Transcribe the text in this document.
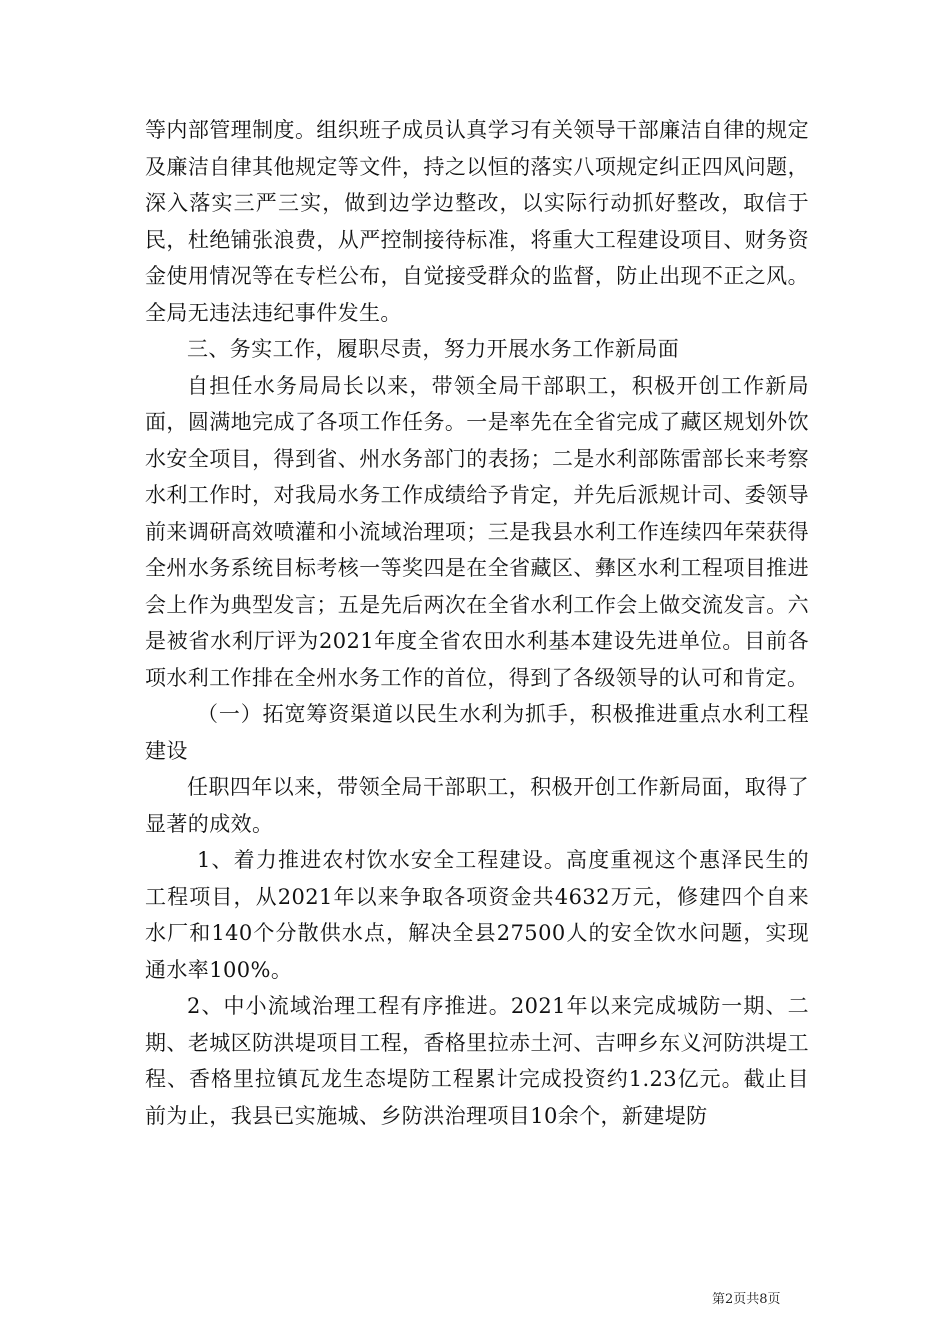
等内部管理制度。组织班子成员认真学习有关领导干部廉洁自律的规定及廉洁自律其他规定等文件，持之以恒的落实八项规定纠正四风问题，深入落实三严三实，做到边学边整改，以实际行动抓好整改，取信于民，杜绝铺张浪费，从严控制接待标准，将重大工程建设项目、财务资金使用情况等在专栏公布，自觉接受群众的监督，防止出现不正之风。全局无违法违纪事件发生。

三、务实工作，履职尽责，努力开展水务工作新局面

自担任水务局局长以来，带领全局干部职工，积极开创工作新局面，圆满地完成了各项工作任务。一是率先在全省完成了藏区规划外饮水安全项目，得到省、州水务部门的表扬；二是水利部陈雷部长来考察水利工作时，对我局水务工作成绩给予肯定，并先后派规计司、委领导前来调研高效喷灌和小流域治理项；三是我县水利工作连续四年荣获得全州水务系统目标考核一等奖四是在全省藏区、彝区水利工程项目推进会上作为典型发言；五是先后两次在全省水利工作会上做交流发言。六是被省水利厅评为2021年度全省农田水利基本建设先进单位。目前各项水利工作排在全州水务工作的首位，得到了各级领导的认可和肯定。

（一）拓宽筹资渠道以民生水利为抓手，积极推进重点水利工程建设

任职四年以来，带领全局干部职工，积极开创工作新局面，取得了显著的成效。

1、着力推进农村饮水安全工程建设。高度重视这个惠泽民生的工程项目，从2021年以来争取各项资金共4632万元，修建四个自来水厂和140个分散供水点，解决全县27500人的安全饮水问题，实现通水率100%。

2、中小流域治理工程有序推进。2021年以来完成城防一期、二期、老城区防洪堤项目工程，香格里拉赤土河、吉呷乡东义河防洪堤工程、香格里拉镇瓦龙生态堤防工程累计完成投资约1.23亿元。截止目前为止，我县已实施城、乡防洪治理项目10余个，新建堤防

第2页共8页
